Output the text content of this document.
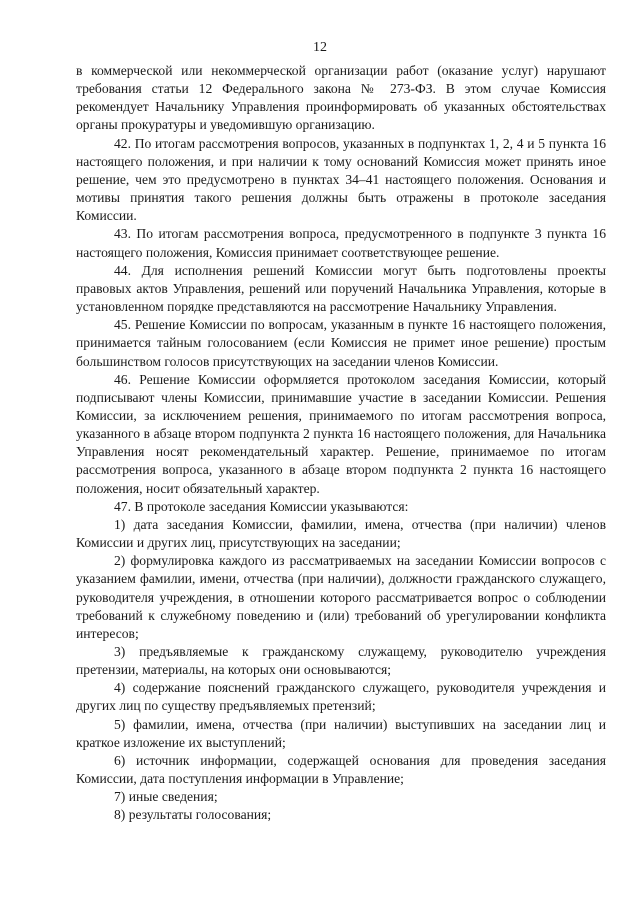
12

в коммерческой или некоммерческой организации работ (оказание услуг) нарушают требования статьи 12 Федерального закона № 273-ФЗ. В этом случае Комиссия рекомендует Начальнику Управления проинформировать об указанных обстоятельствах органы прокуратуры и уведомившую организацию.

42. По итогам рассмотрения вопросов, указанных в подпунктах 1, 2, 4 и 5 пункта 16 настоящего положения, и при наличии к тому оснований Комиссия может принять иное решение, чем это предусмотрено в пунктах 34–41 настоящего положения. Основания и мотивы принятия такого решения должны быть отражены в протоколе заседания Комиссии.

43. По итогам рассмотрения вопроса, предусмотренного в подпункте 3 пункта 16 настоящего положения, Комиссия принимает соответствующее решение.

44. Для исполнения решений Комиссии могут быть подготовлены проекты правовых актов Управления, решений или поручений Начальника Управления, которые в установленном порядке представляются на рассмотрение Начальнику Управления.

45. Решение Комиссии по вопросам, указанным в пункте 16 настоящего положения, принимается тайным голосованием (если Комиссия не примет иное решение) простым большинством голосов присутствующих на заседании членов Комиссии.

46. Решение Комиссии оформляется протоколом заседания Комиссии, который подписывают члены Комиссии, принимавшие участие в заседании Комиссии. Решения Комиссии, за исключением решения, принимаемого по итогам рассмотрения вопроса, указанного в абзаце втором подпункта 2 пункта 16 настоящего положения, для Начальника Управления носят рекомендательный характер. Решение, принимаемое по итогам рассмотрения вопроса, указанного в абзаце втором подпункта 2 пункта 16 настоящего положения, носит обязательный характер.

47. В протоколе заседания Комиссии указываются:

1) дата заседания Комиссии, фамилии, имена, отчества (при наличии) членов Комиссии и других лиц, присутствующих на заседании;

2) формулировка каждого из рассматриваемых на заседании Комиссии вопросов с указанием фамилии, имени, отчества (при наличии), должности гражданского служащего, руководителя учреждения, в отношении которого рассматривается вопрос о соблюдении требований к служебному поведению и (или) требований об урегулировании конфликта интересов;

3) предъявляемые к гражданскому служащему, руководителю учреждения претензии, материалы, на которых они основываются;

4) содержание пояснений гражданского служащего, руководителя учреждения и других лиц по существу предъявляемых претензий;

5) фамилии, имена, отчества (при наличии) выступивших на заседании лиц и краткое изложение их выступлений;

6) источник информации, содержащей основания для проведения заседания Комиссии, дата поступления информации в Управление;

7) иные сведения;

8) результаты голосования;
